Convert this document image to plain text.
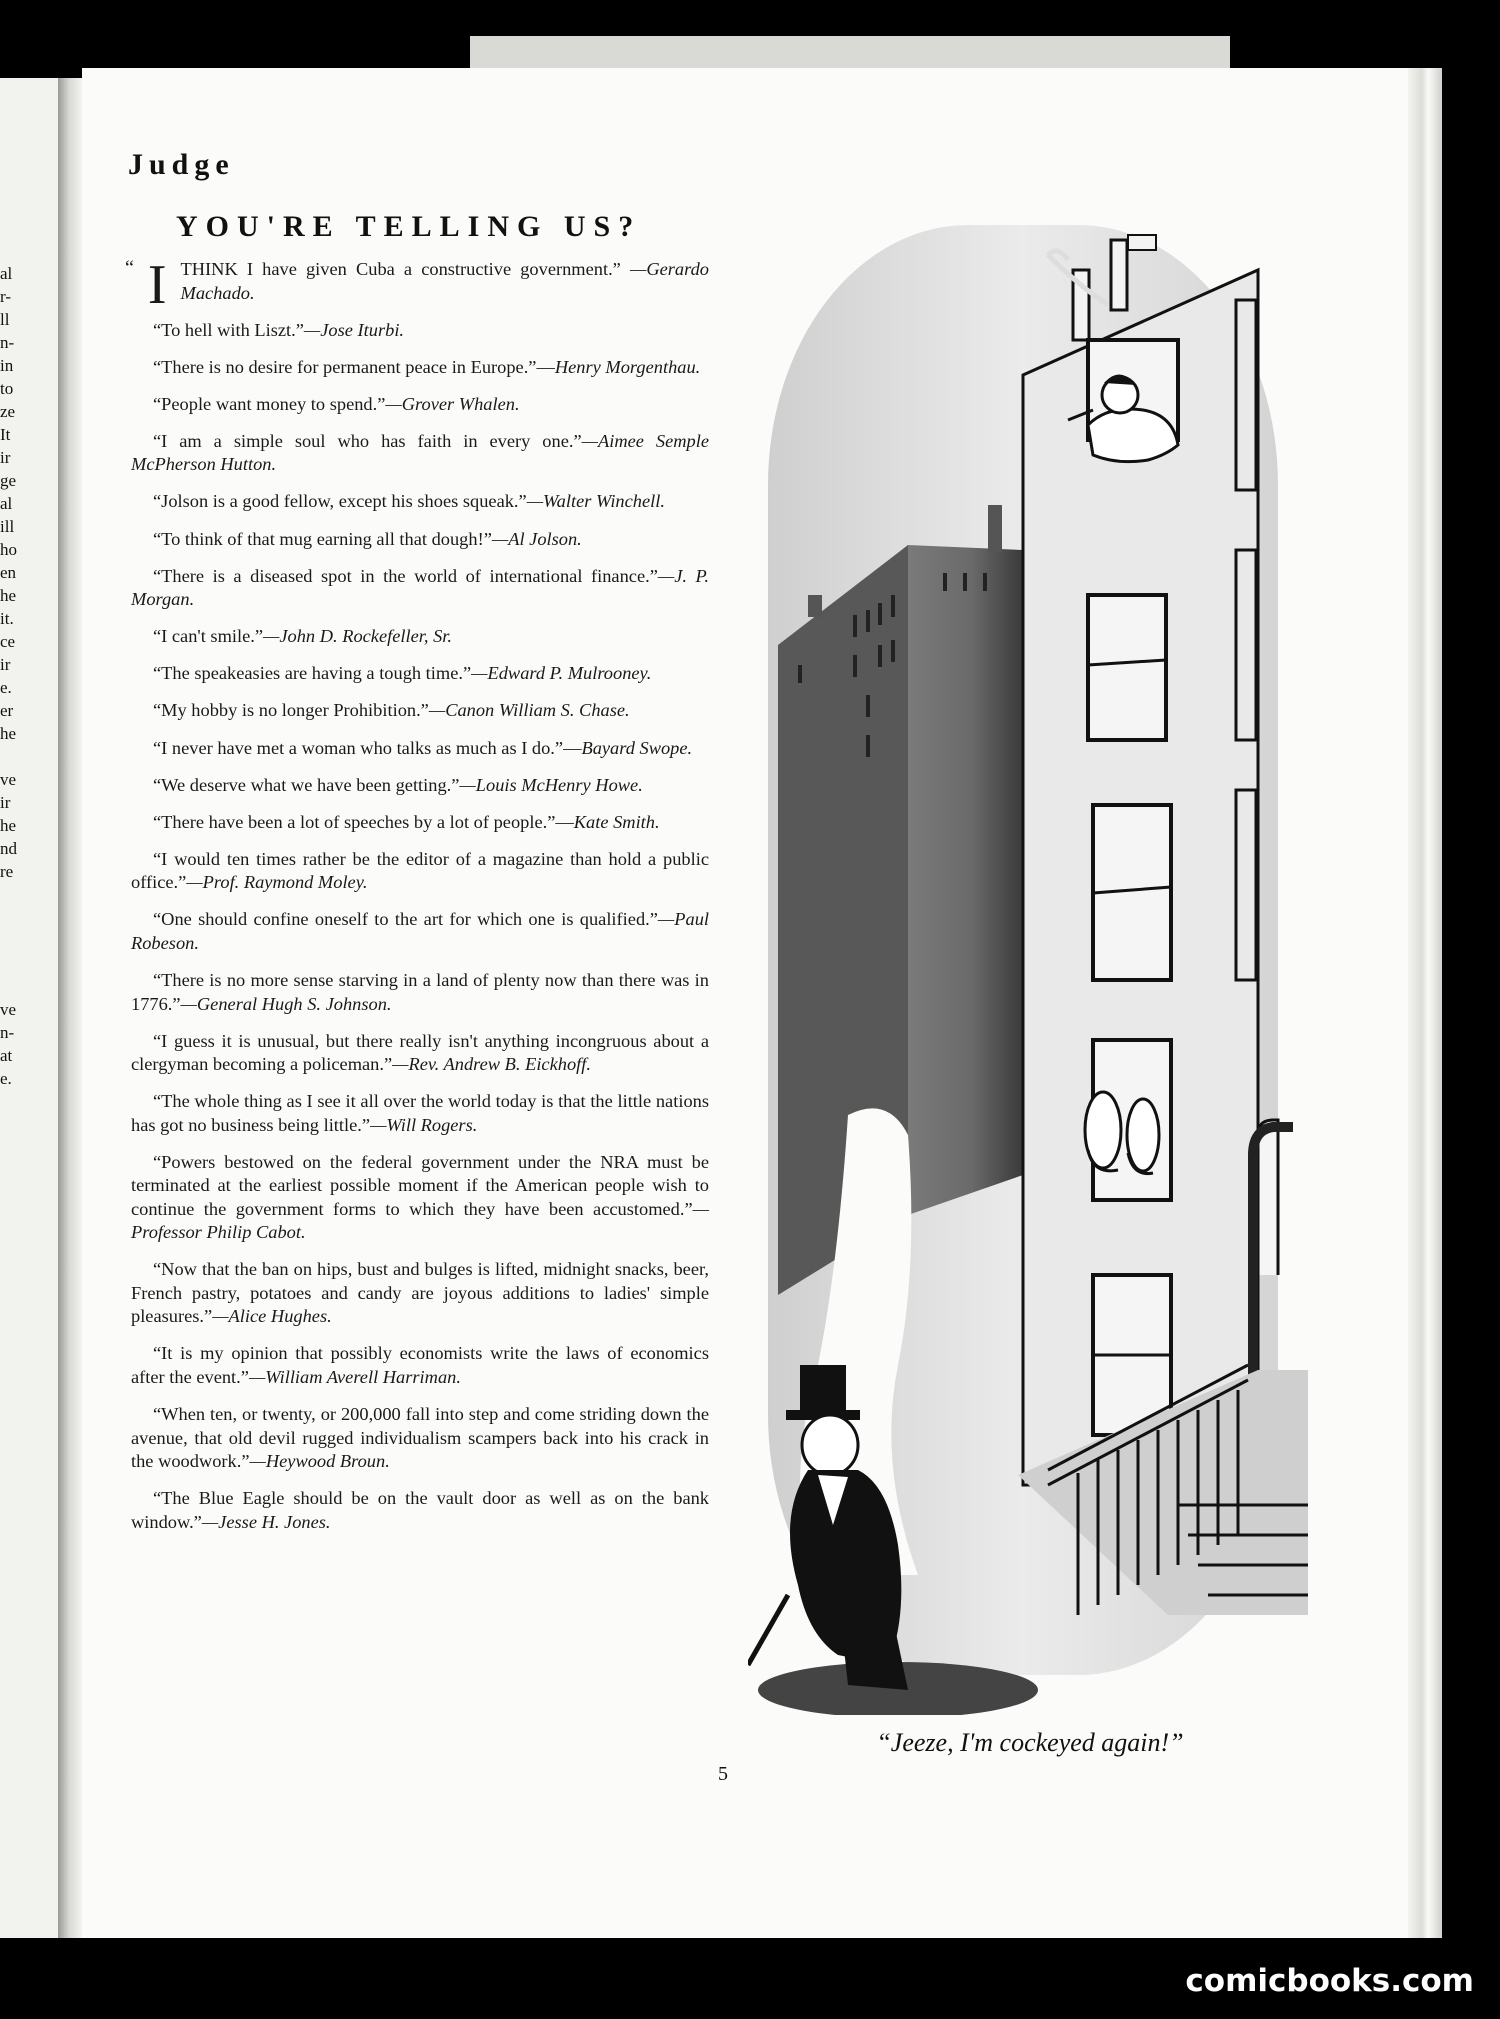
al
r-
ll
n-
in
to
ze
It
ir
ge
al
ill
ho
en
he
it.
ce
ir
e.
er
he
ve
ir
he
nd
re
ve
n-
at
e.
Judge
YOU'RE TELLING US?

“ I THINK I have given Cuba a constructive government.” —Gerardo Machado.

“To hell with Liszt.”—Jose Iturbi.

“There is no desire for permanent peace in Europe.”—Henry Morgenthau.

“People want money to spend.”—Grover Whalen.

“I am a simple soul who has faith in every one.”—Aimee Semple McPherson Hutton.

“Jolson is a good fellow, except his shoes squeak.”—Walter Winchell.

“To think of that mug earning all that dough!”—Al Jolson.

“There is a diseased spot in the world of international finance.”—J. P. Morgan.

“I can't smile.”—John D. Rockefeller, Sr.

“The speakeasies are having a tough time.”—Edward P. Mulrooney.

“My hobby is no longer Prohibition.”—Canon William S. Chase.

“I never have met a woman who talks as much as I do.”—Bayard Swope.

“We deserve what we have been getting.”—Louis McHenry Howe.

“There have been a lot of speeches by a lot of people.”—Kate Smith.

“I would ten times rather be the editor of a magazine than hold a public office.”—Prof. Raymond Moley.

“One should confine oneself to the art for which one is qualified.”—Paul Robeson.

“There is no more sense starving in a land of plenty now than there was in 1776.”—General Hugh S. Johnson.

“I guess it is unusual, but there really isn't anything incongruous about a clergyman becoming a policeman.”—Rev. Andrew B. Eickhoff.

“The whole thing as I see it all over the world today is that the little nations has got no business being little.”—Will Rogers.

“Powers bestowed on the federal government under the NRA must be terminated at the earliest possible moment if the American people wish to continue the government forms to which they have been accustomed.”—Professor Philip Cabot.

“Now that the ban on hips, bust and bulges is lifted, midnight snacks, beer, French pastry, potatoes and candy are joyous additions to ladies' simple pleasures.”—Alice Hughes.

“It is my opinion that possibly economists write the laws of economics after the event.”—William Averell Harriman.

“When ten, or twenty, or 200,000 fall into step and come striding down the avenue, that old devil rugged individualism scampers back into his crack in the woodwork.”—Heywood Broun.

“The Blue Eagle should be on the vault door as well as on the bank window.”—Jesse H. Jones.

5
“Jeeze, I'm cockeyed again!”
comicbooks.com
